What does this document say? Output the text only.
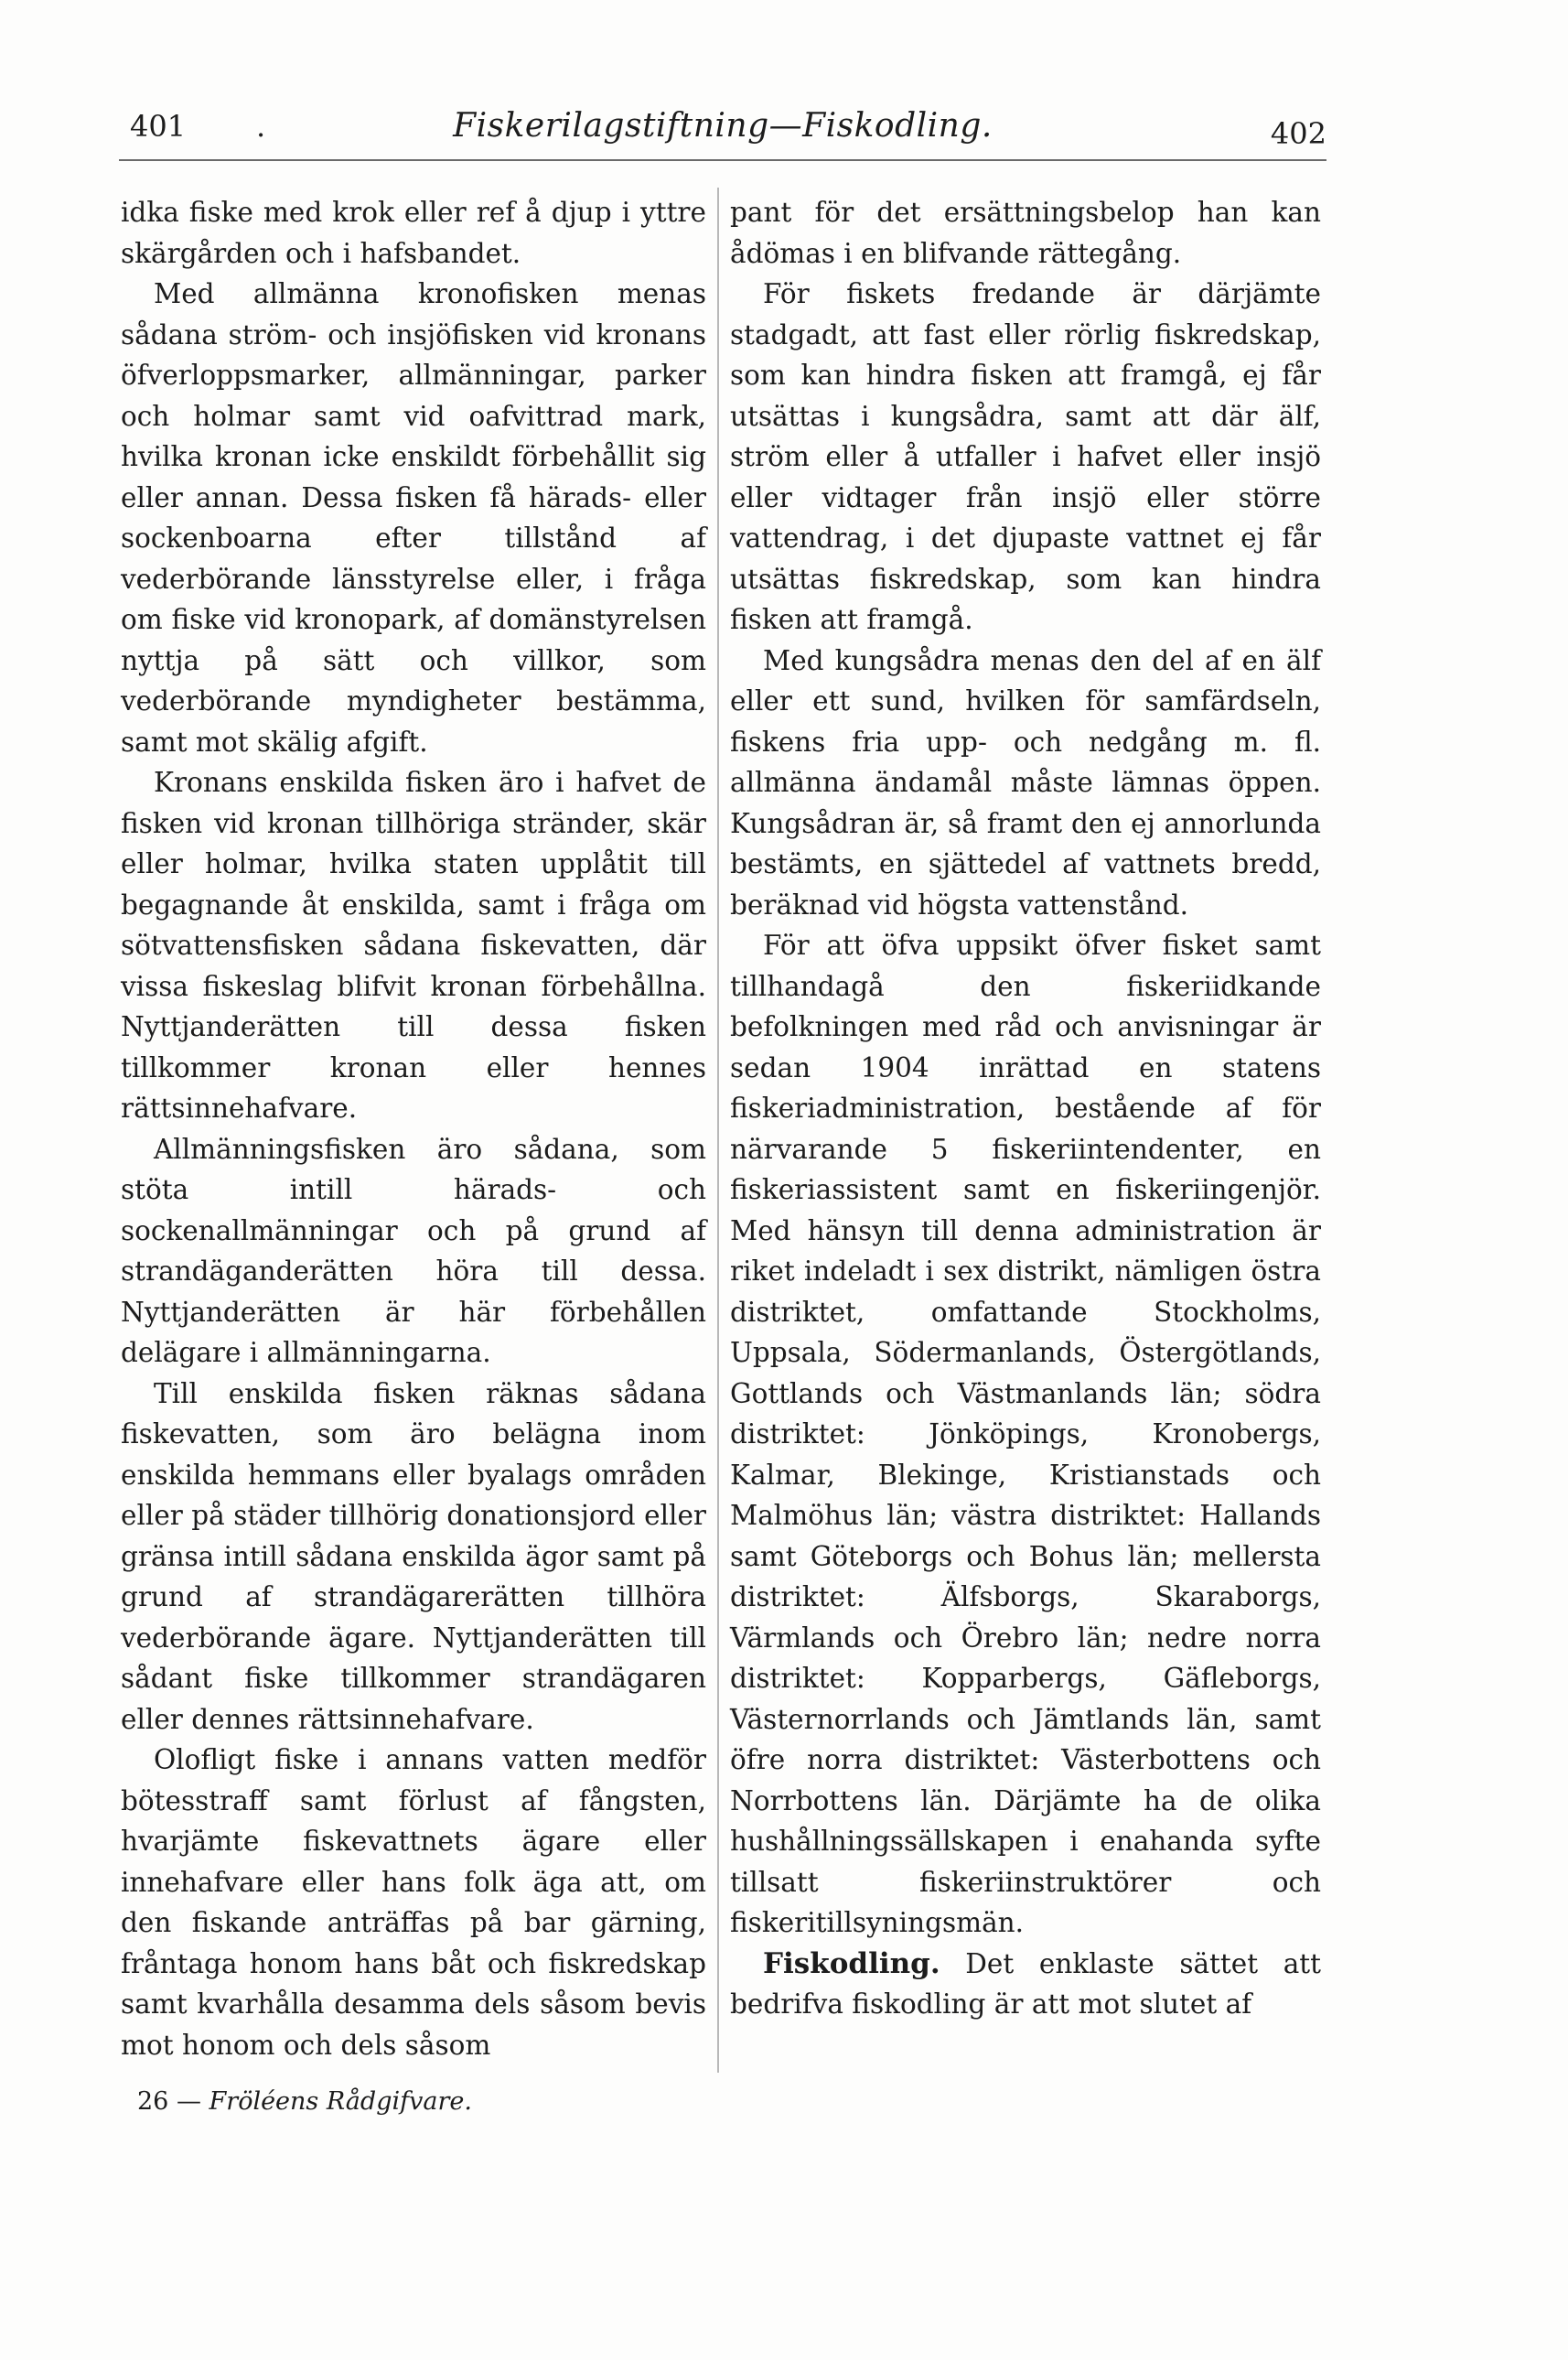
401 .	Fiskerilagstiftning—Fiskodling.	402

idka fiske med krok eller ref å djup i yttre skärgården och i hafsbandet.

Med allmänna kronofisken menas sådana ström- och insjöfisken vid kronans öfverloppsmarker, allmänningar, parker och holmar samt vid oafvittrad mark, hvilka kronan icke enskildt förbehållit sig eller annan. Dessa fisken få härads- eller sockenboarna efter tillstånd af vederbörande länsstyrelse eller, i fråga om fiske vid kronopark, af domänstyrelsen nyttja på sätt och villkor, som vederbörande myndigheter bestämma, samt mot skälig afgift.

Kronans enskilda fisken äro i hafvet de fisken vid kronan tillhöriga stränder, skär eller holmar, hvilka staten upplåtit till begagnande åt enskilda, samt i fråga om sötvattensfisken sådana fiskevatten, där vissa fiskeslag blifvit kronan förbehållna. Nyttjanderätten till dessa fisken tillkommer kronan eller hennes rättsinnehafvare.

Allmänningsfisken äro sådana, som stöta intill härads- och sockenallmänningar och på grund af strandäganderätten höra till dessa. Nyttjanderätten är här förbehållen delägare i allmänningarna.

Till enskilda fisken räknas sådana fiskevatten, som äro belägna inom enskilda hemmans eller byalags områden eller på städer tillhörig donationsjord eller gränsa intill sådana enskilda ägor samt på grund af strandägarerätten tillhöra vederbörande ägare. Nyttjanderätten till sådant fiske tillkommer strandägaren eller dennes rättsinnehafvare.

Olofligt fiske i annans vatten medför bötesstraff samt förlust af fångsten, hvarjämte fiskevattnets ägare eller innehafvare eller hans folk äga att, om den fiskande anträffas på bar gärning, fråntaga honom hans båt och fiskredskap samt kvarhålla desamma dels såsom bevis mot honom och dels såsom

pant för det ersättningsbelop han kan ådömas i en blifvande rättegång.

För fiskets fredande är därjämte stadgadt, att fast eller rörlig fiskredskap, som kan hindra fisken att framgå, ej får utsättas i kungsådra, samt att där älf, ström eller å utfaller i hafvet eller insjö eller vidtager från insjö eller större vattendrag, i det djupaste vattnet ej får utsättas fiskredskap, som kan hindra fisken att framgå.

Med kungsådra menas den del af en älf eller ett sund, hvilken för samfärdseln, fiskens fria upp- och nedgång m. fl. allmänna ändamål måste lämnas öppen. Kungsådran är, så framt den ej annorlunda bestämts, en sjättedel af vattnets bredd, beräknad vid högsta vattenstånd.

För att öfva uppsikt öfver fisket samt tillhandagå den fiskeriidkande befolkningen med råd och anvisningar är sedan 1904 inrättad en statens fiskeriadministration, bestående af för närvarande 5 fiskeriintendenter, en fiskeriassistent samt en fiskeriingenjör. Med hänsyn till denna administration är riket indeladt i sex distrikt, nämligen östra distriktet, omfattande Stockholms, Uppsala, Södermanlands, Östergötlands, Gottlands och Västmanlands län; södra distriktet: Jönköpings, Kronobergs, Kalmar, Blekinge, Kristianstads och Malmöhus län; västra distriktet: Hallands samt Göteborgs och Bohus län; mellersta distriktet: Älfsborgs, Skaraborgs, Värmlands och Örebro län; nedre norra distriktet: Kopparbergs, Gäfleborgs, Västernorrlands och Jämtlands län, samt öfre norra distriktet: Västerbottens och Norrbottens län. Därjämte ha de olika hushållningssällskapen i enahanda syfte tillsatt fiskeriinstruktörer och fiskeritillsyningsmän.

Fiskodling. Det enklaste sättet att bedrifva fiskodling är att mot slutet af

26 — Fröléens Rådgifvare.
